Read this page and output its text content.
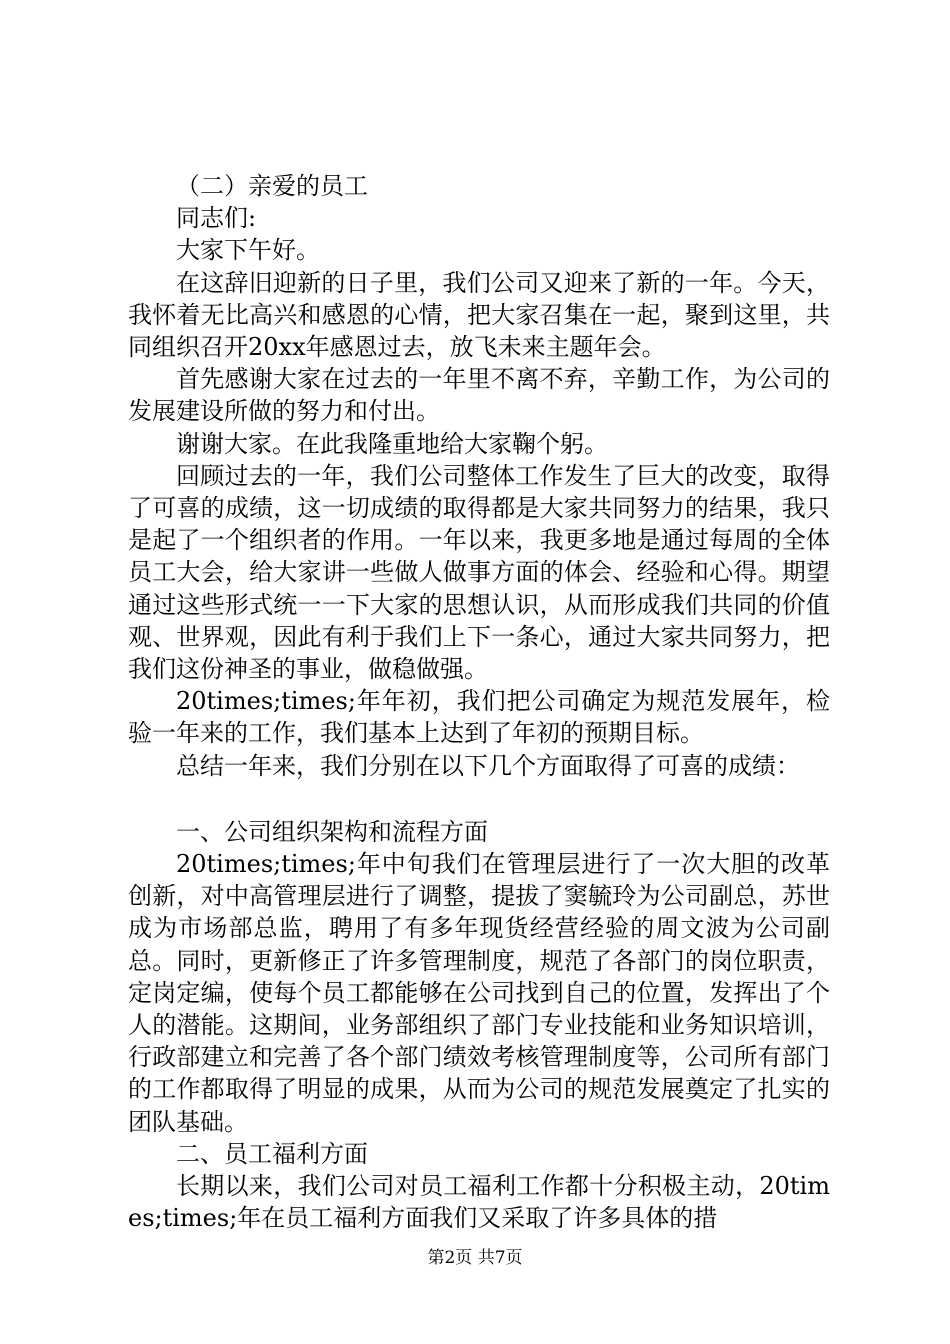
（二）亲爱的员工

同志们:

大家下午好。

在这辞旧迎新的日子里，我们公司又迎来了新的一年。今天，我怀着无比高兴和感恩的心情，把大家召集在一起，聚到这里，共同组织召开20xx年感恩过去，放飞未来主题年会。

首先感谢大家在过去的一年里不离不弃，辛勤工作，为公司的发展建设所做的努力和付出。

谢谢大家。在此我隆重地给大家鞠个躬。

回顾过去的一年，我们公司整体工作发生了巨大的改变，取得了可喜的成绩，这一切成绩的取得都是大家共同努力的结果，我只是起了一个组织者的作用。一年以来，我更多地是通过每周的全体员工大会，给大家讲一些做人做事方面的体会、经验和心得。期望通过这些形式统一一下大家的思想认识，从而形成我们共同的价值观、世界观，因此有利于我们上下一条心，通过大家共同努力，把我们这份神圣的事业，做稳做强。

20times;times;年年初，我们把公司确定为规范发展年，检验一年来的工作，我们基本上达到了年初的预期目标。

总结一年来，我们分别在以下几个方面取得了可喜的成绩：

一、公司组织架构和流程方面

20times;times;年中旬我们在管理层进行了一次大胆的改革创新，对中高管理层进行了调整，提拔了窦毓玲为公司副总，苏世成为市场部总监，聘用了有多年现货经营经验的周文波为公司副总。同时，更新修正了许多管理制度，规范了各部门的岗位职责，定岗定编，使每个员工都能够在公司找到自己的位置，发挥出了个人的潜能。这期间，业务部组织了部门专业技能和业务知识培训，行政部建立和完善了各个部门绩效考核管理制度等，公司所有部门的工作都取得了明显的成果，从而为公司的规范发展奠定了扎实的团队基础。

二、员工福利方面

长期以来，我们公司对员工福利工作都十分积极主动，20times;times;年在员工福利方面我们又采取了许多具体的措

第2页 共7页
